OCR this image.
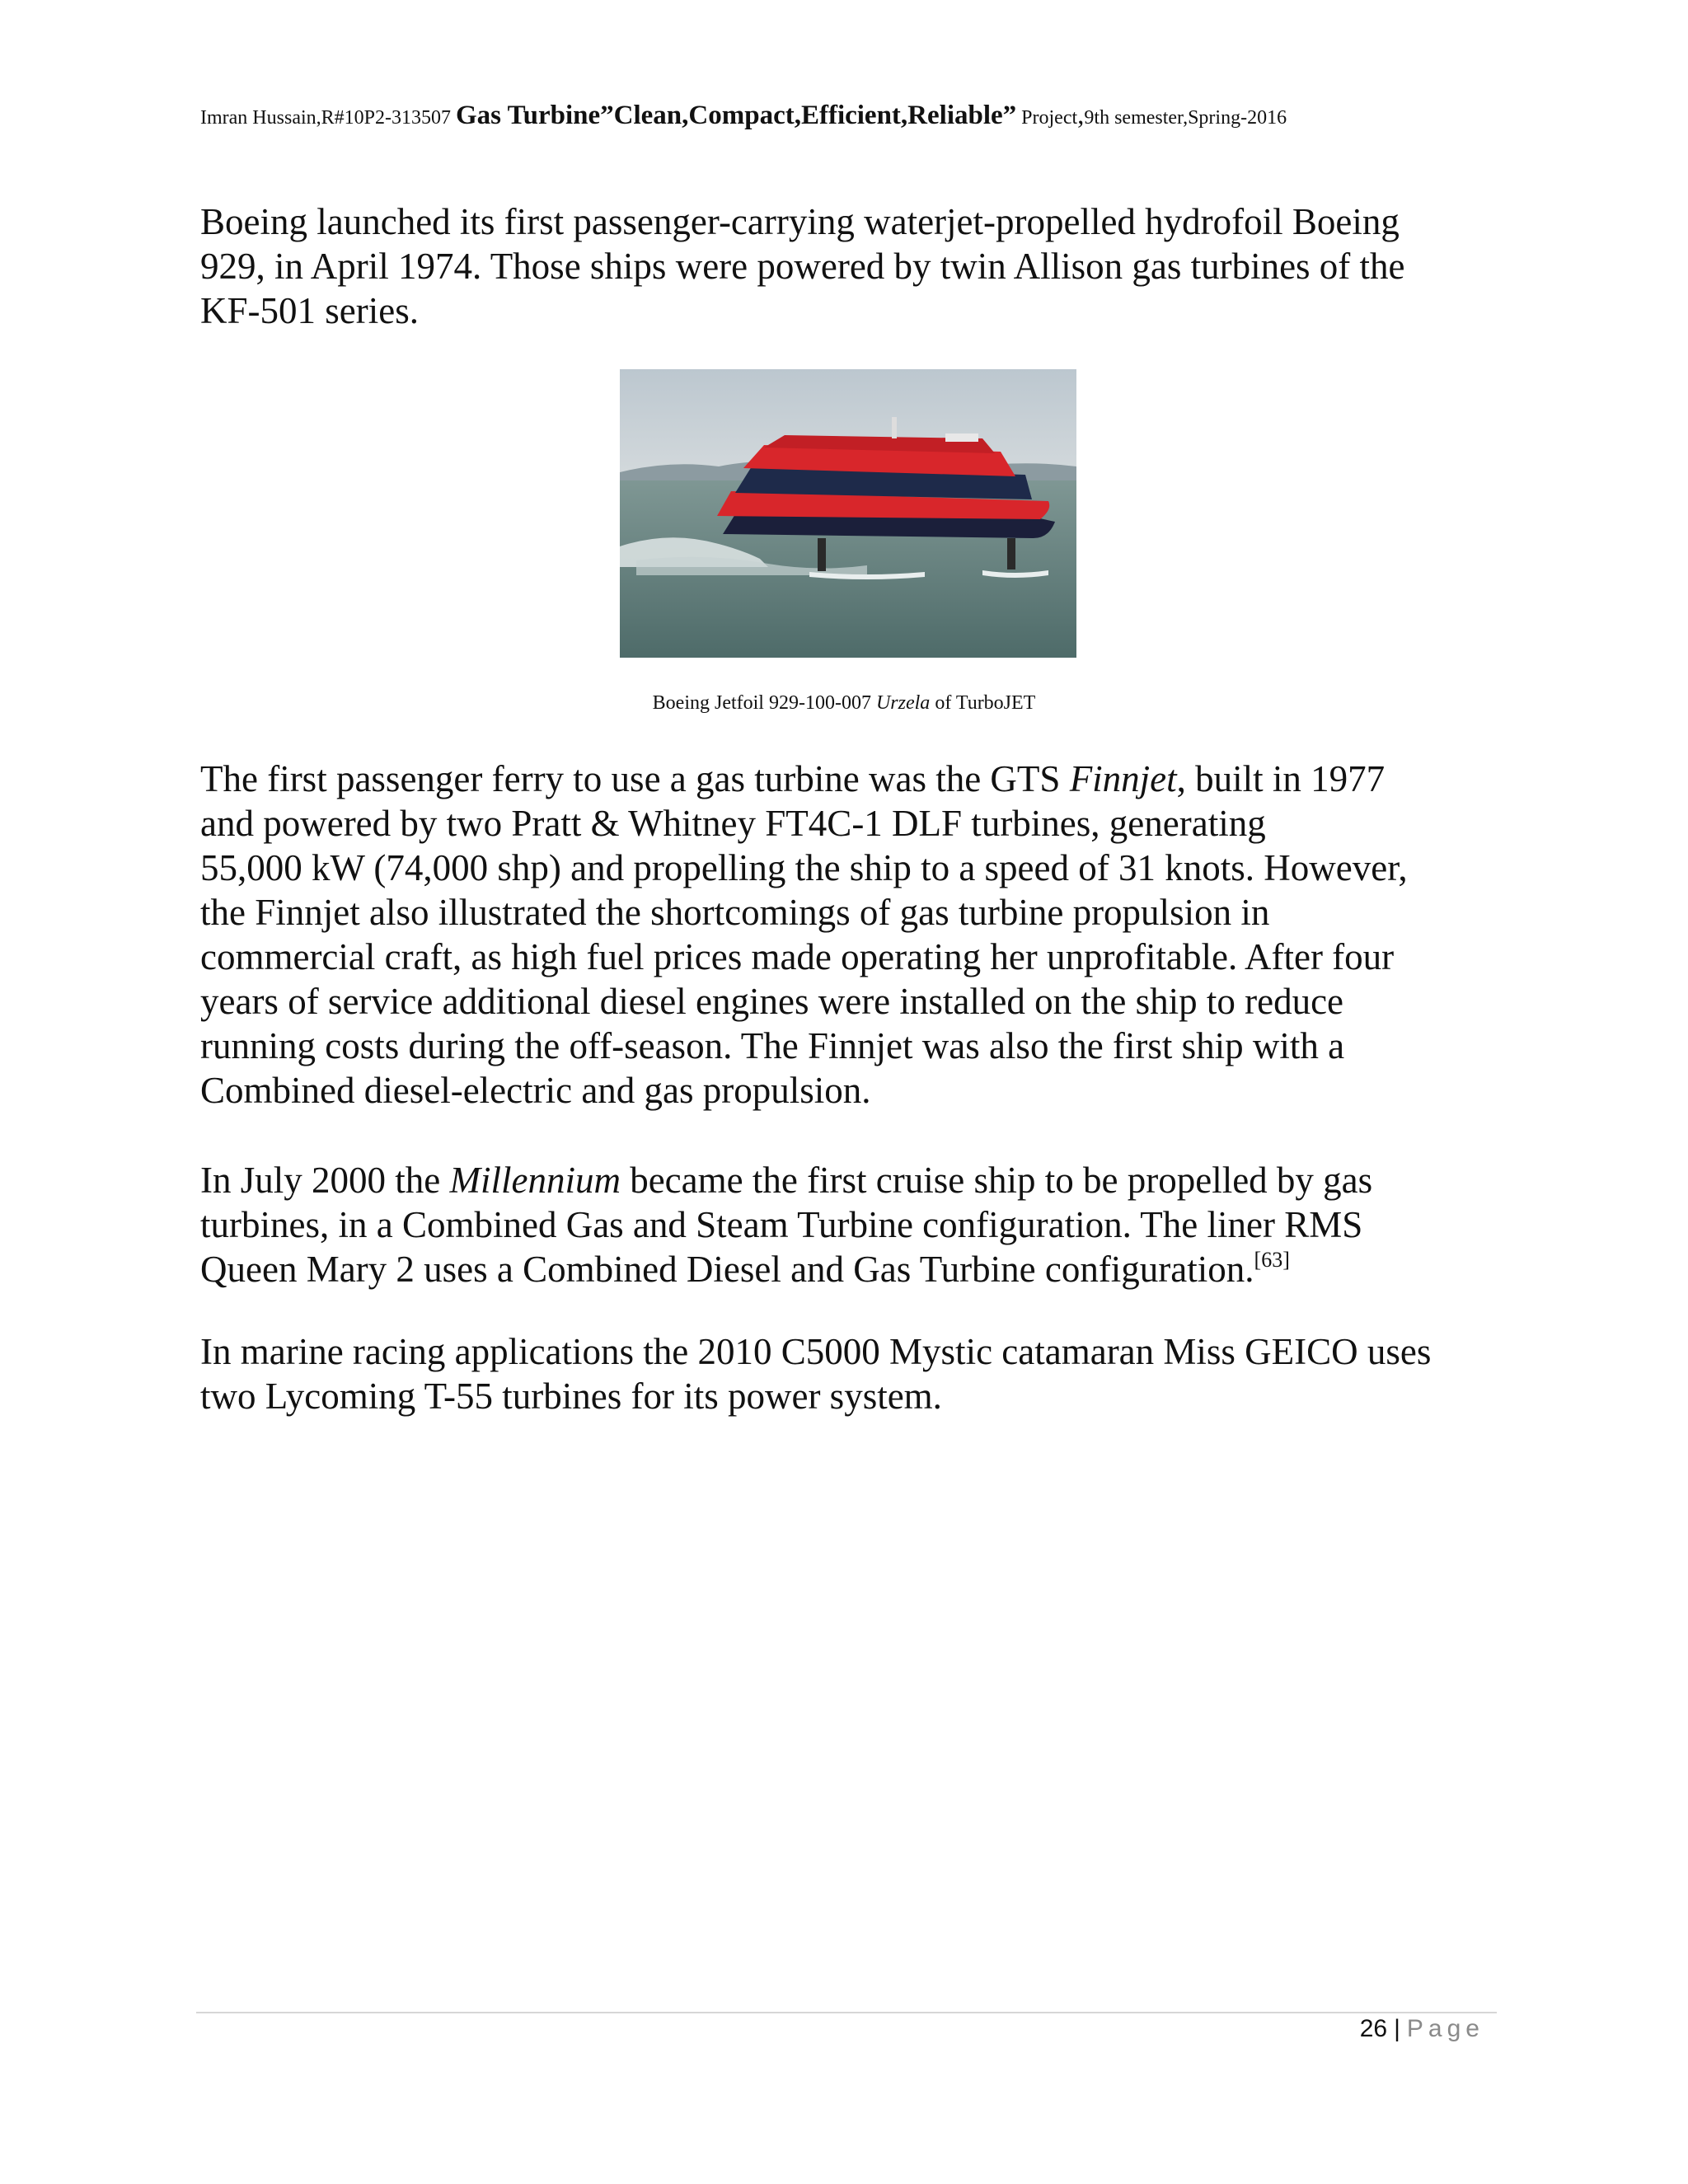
Imran Hussain,R#10P2-313507 Gas Turbine”Clean,Compact,Efficient,Reliable” Project,9th semester,Spring-2016

Boeing launched its first passenger-carrying waterjet-propelled hydrofoil Boeing
929, in April 1974. Those ships were powered by twin Allison gas turbines of the
KF-501 series.

Boeing Jetfoil 929-100-007 Urzela of TurboJET

The first passenger ferry to use a gas turbine was the GTS Finnjet, built in 1977
and powered by two Pratt & Whitney FT4C-1 DLF turbines, generating
55,000 kW (74,000 shp) and propelling the ship to a speed of 31 knots. However,
the Finnjet also illustrated the shortcomings of gas turbine propulsion in
commercial craft, as high fuel prices made operating her unprofitable. After four
years of service additional diesel engines were installed on the ship to reduce
running costs during the off-season. The Finnjet was also the first ship with a
Combined diesel-electric and gas propulsion.

In July 2000 the Millennium became the first cruise ship to be propelled by gas
turbines, in a Combined Gas and Steam Turbine configuration. The liner RMS
Queen Mary 2 uses a Combined Diesel and Gas Turbine configuration.[63]

In marine racing applications the 2010 C5000 Mystic catamaran Miss GEICO uses
two Lycoming T-55 turbines for its power system.

26 | Page
